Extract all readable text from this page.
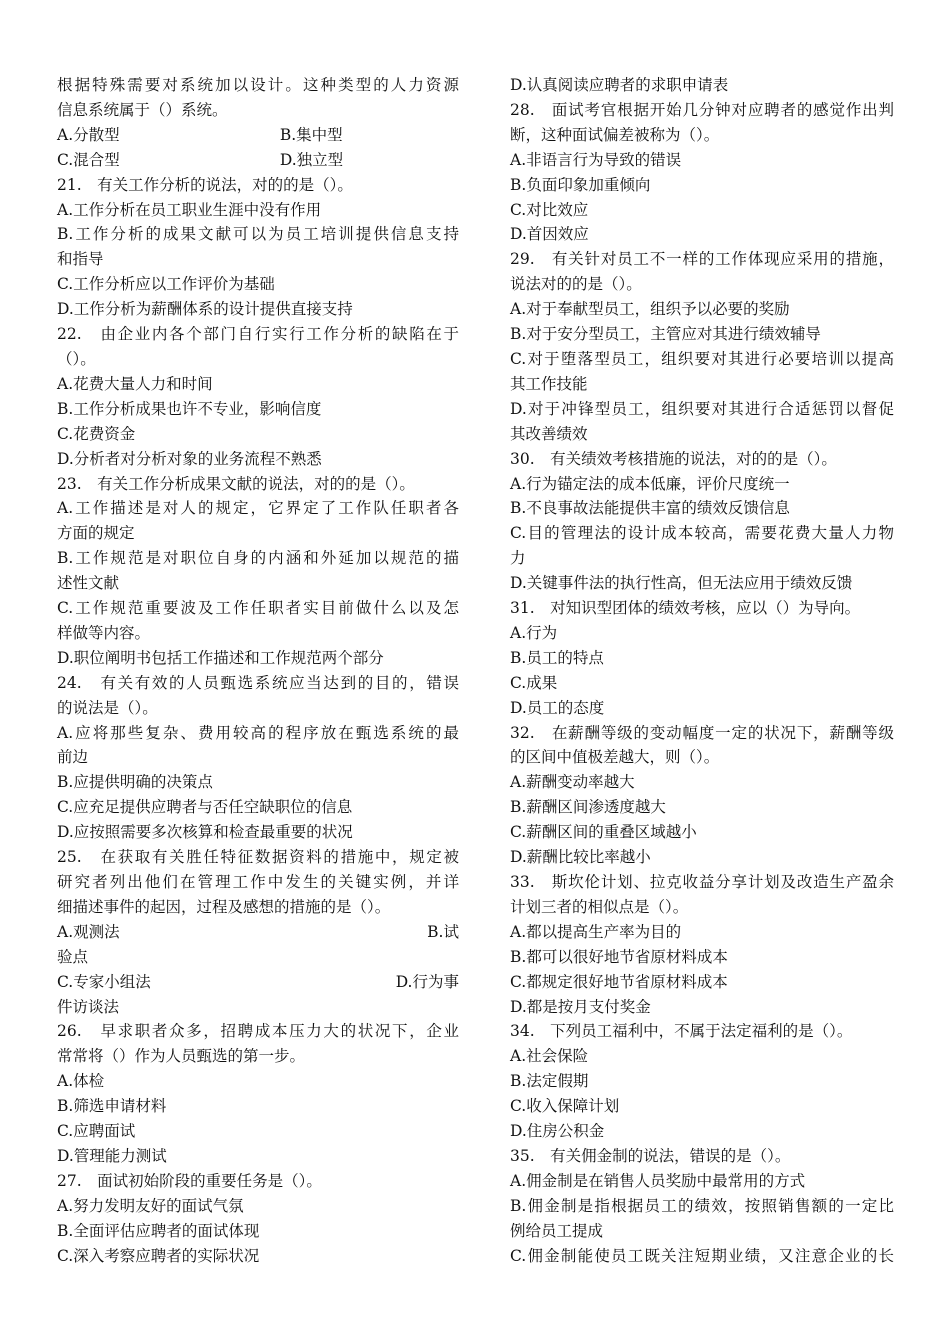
根据特殊需要对系统加以设计。这种类型的人力资源
信息系统属于（）系统。
A.分散型	B.集中型
C.混合型	D.独立型
21.　有关工作分析的说法，对的的是（）。
A.工作分析在员工职业生涯中没有作用
B.工作分析的成果文献可以为员工培训提供信息支持
和指导
C.工作分析应以工作评价为基础
D.工作分析为薪酬体系的设计提供直接支持
22.　由企业内各个部门自行实行工作分析的缺陷在于
（）。
A.花费大量人力和时间
B.工作分析成果也许不专业，影响信度
C.花费资金
D.分析者对分析对象的业务流程不熟悉
23.　有关工作分析成果文献的说法，对的的是（）。
A.工作描述是对人的规定，它界定了工作队任职者各
方面的规定
B.工作规范是对职位自身的内涵和外延加以规范的描
述性文献
C.工作规范重要波及工作任职者实目前做什么以及怎
样做等内容。
D.职位阐明书包括工作描述和工作规范两个部分
24.　有关有效的人员甄选系统应当达到的目的，错误
的说法是（）。
A.应将那些复杂、费用较高的程序放在甄选系统的最
前边
B.应提供明确的决策点
C.应充足提供应聘者与否任空缺职位的信息
D.应按照需要多次核算和检查最重要的状况
25.　在获取有关胜任特征数据资料的措施中，规定被
研究者列出他们在管理工作中发生的关键实例，并详
细描述事件的起因，过程及感想的措施的是（）。
A.观测法	B.试
验点
C.专家小组法	D.行为事
件访谈法
26.　早求职者众多，招聘成本压力大的状况下，企业
常常将（）作为人员甄选的第一步。
A.体检
B.筛选申请材料
C.应聘面试
D.管理能力测试
27.　面试初始阶段的重要任务是（）。
A.努力发明友好的面试气氛
B.全面评估应聘者的面试体现
C.深入考察应聘者的实际状况
D.认真阅读应聘者的求职申请表
28.　面试考官根据开始几分钟对应聘者的感觉作出判
断，这种面试偏差被称为（）。
A.非语言行为导致的错误
B.负面印象加重倾向
C.对比效应
D.首因效应
29.　有关针对员工不一样的工作体现应采用的措施，
说法对的的是（）。
A.对于奉献型员工，组织予以必要的奖励
B.对于安分型员工，主管应对其进行绩效辅导
C.对于堕落型员工，组织要对其进行必要培训以提高
其工作技能
D.对于冲锋型员工，组织要对其进行合适惩罚以督促
其改善绩效
30.　有关绩效考核措施的说法，对的的是（）。
A.行为锚定法的成本低廉，评价尺度统一
B.不良事故法能提供丰富的绩效反馈信息
C.目的管理法的设计成本较高，需要花费大量人力物
力
D.关键事件法的执行性高，但无法应用于绩效反馈
31.　对知识型团体的绩效考核，应以（）为导向。
A.行为
B.员工的特点
C.成果
D.员工的态度
32.　在薪酬等级的变动幅度一定的状况下，薪酬等级
的区间中值极差越大，则（）。
A.薪酬变动率越大
B.薪酬区间渗透度越大
C.薪酬区间的重叠区域越小
D.薪酬比较比率越小
33.　斯坎伦计划、拉克收益分享计划及改造生产盈余
计划三者的相似点是（）。
A.都以提高生产率为目的
B.都可以很好地节省原材料成本
C.都规定很好地节省原材料成本
D.都是按月支付奖金
34.　下列员工福利中，不属于法定福利的是（）。
A.社会保险
B.法定假期
C.收入保障计划
D.住房公积金
35.　有关佣金制的说法，错误的是（）。
A.佣金制是在销售人员奖励中最常用的方式
B.佣金制是指根据员工的绩效，按照销售额的一定比
例给员工提成
C.佣金制能使员工既关注短期业绩，又注意企业的长
